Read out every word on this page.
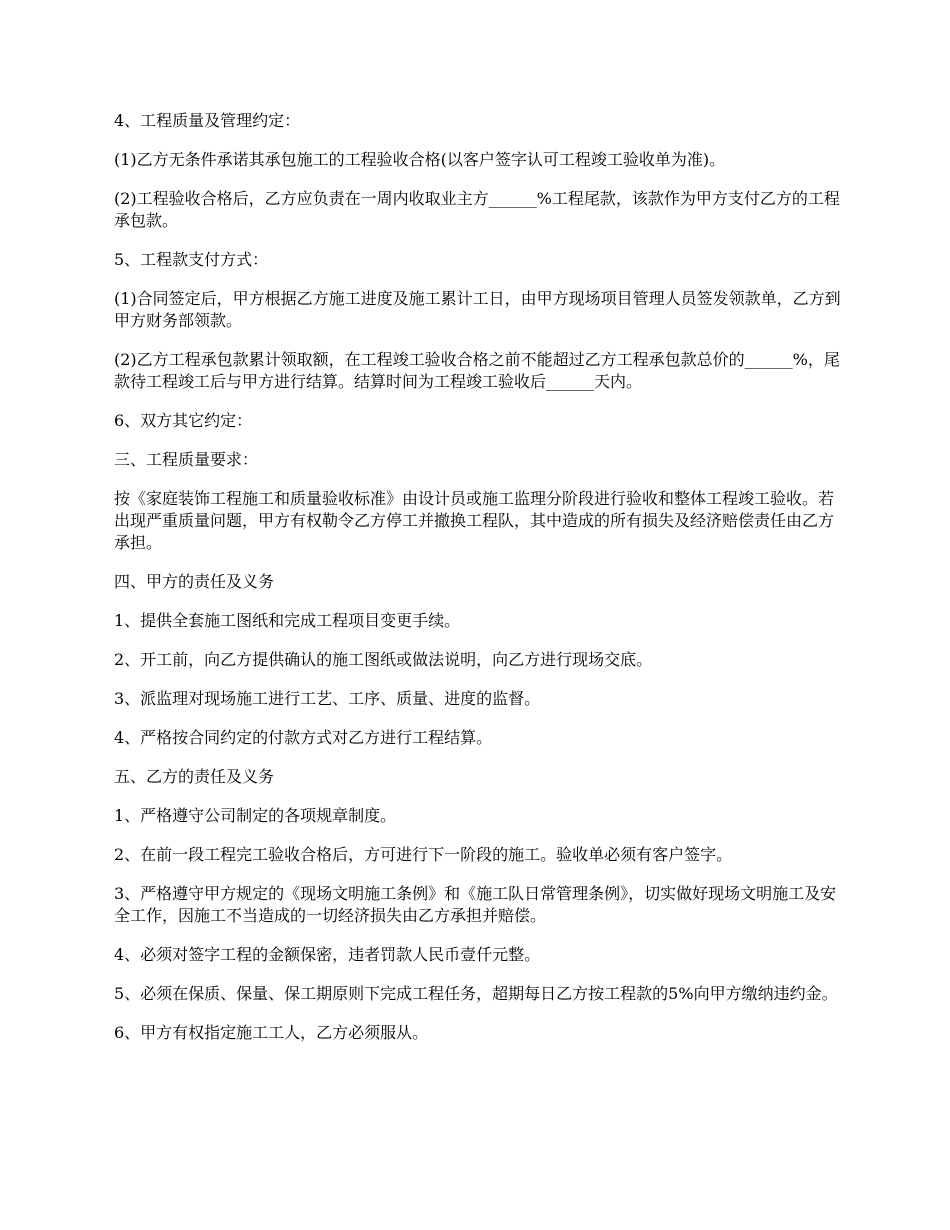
4、工程质量及管理约定：

(1)乙方无条件承诺其承包施工的工程验收合格(以客户签字认可工程竣工验收单为准)。

(2)工程验收合格后，乙方应负责在一周内收取业主方______%工程尾款，该款作为甲方支付乙方的工程承包款。

5、工程款支付方式：

(1)合同签定后，甲方根据乙方施工进度及施工累计工日，由甲方现场项目管理人员签发领款单，乙方到甲方财务部领款。

(2)乙方工程承包款累计领取额，在工程竣工验收合格之前不能超过乙方工程承包款总价的______%，尾款待工程竣工后与甲方进行结算。结算时间为工程竣工验收后______天内。

6、双方其它约定：

三、工程质量要求：

按《家庭装饰工程施工和质量验收标准》由设计员或施工监理分阶段进行验收和整体工程竣工验收。若出现严重质量问题，甲方有权勒令乙方停工并撤换工程队，其中造成的所有损失及经济赔偿责任由乙方承担。

四、甲方的责任及义务

1、提供全套施工图纸和完成工程项目变更手续。

2、开工前，向乙方提供确认的施工图纸或做法说明，向乙方进行现场交底。

3、派监理对现场施工进行工艺、工序、质量、进度的监督。

4、严格按合同约定的付款方式对乙方进行工程结算。

五、乙方的责任及义务

1、严格遵守公司制定的各项规章制度。

2、在前一段工程完工验收合格后，方可进行下一阶段的施工。验收单必须有客户签字。

3、严格遵守甲方规定的《现场文明施工条例》和《施工队日常管理条例》，切实做好现场文明施工及安全工作，因施工不当造成的一切经济损失由乙方承担并赔偿。

4、必须对签字工程的金额保密，违者罚款人民币壹仟元整。

5、必须在保质、保量、保工期原则下完成工程任务，超期每日乙方按工程款的5%向甲方缴纳违约金。

6、甲方有权指定施工工人，乙方必须服从。
